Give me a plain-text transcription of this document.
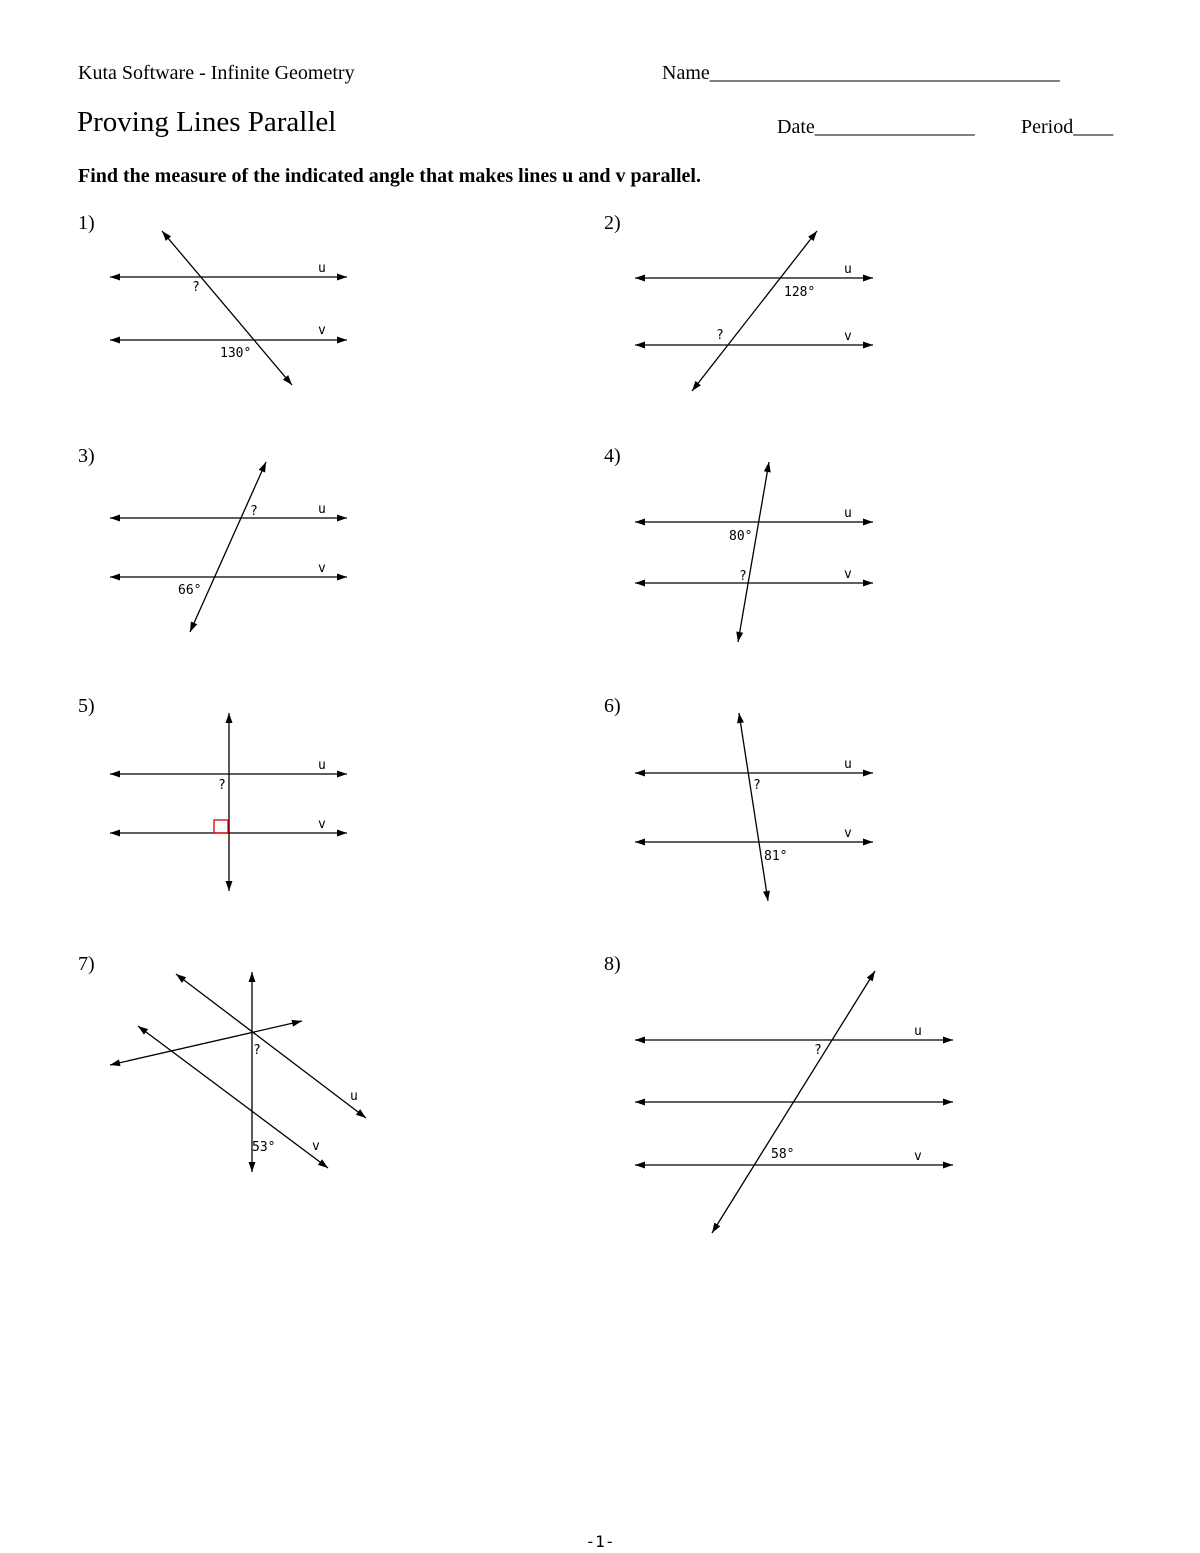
Kuta Software - Infinite Geometry	Name___________________________________
Proving Lines Parallel	Date________________ Period____
Find the measure of the indicated angle that makes lines u and v parallel.
1)
u
v
?
130°
2)
u
v
128°
?
3)
u
v
?
66°
4)
u
v
80°
?
5)
u
v
?
6)
u
v
?
81°
7)
u
v
?
53°
8)
u
v
?
58°
-1-
